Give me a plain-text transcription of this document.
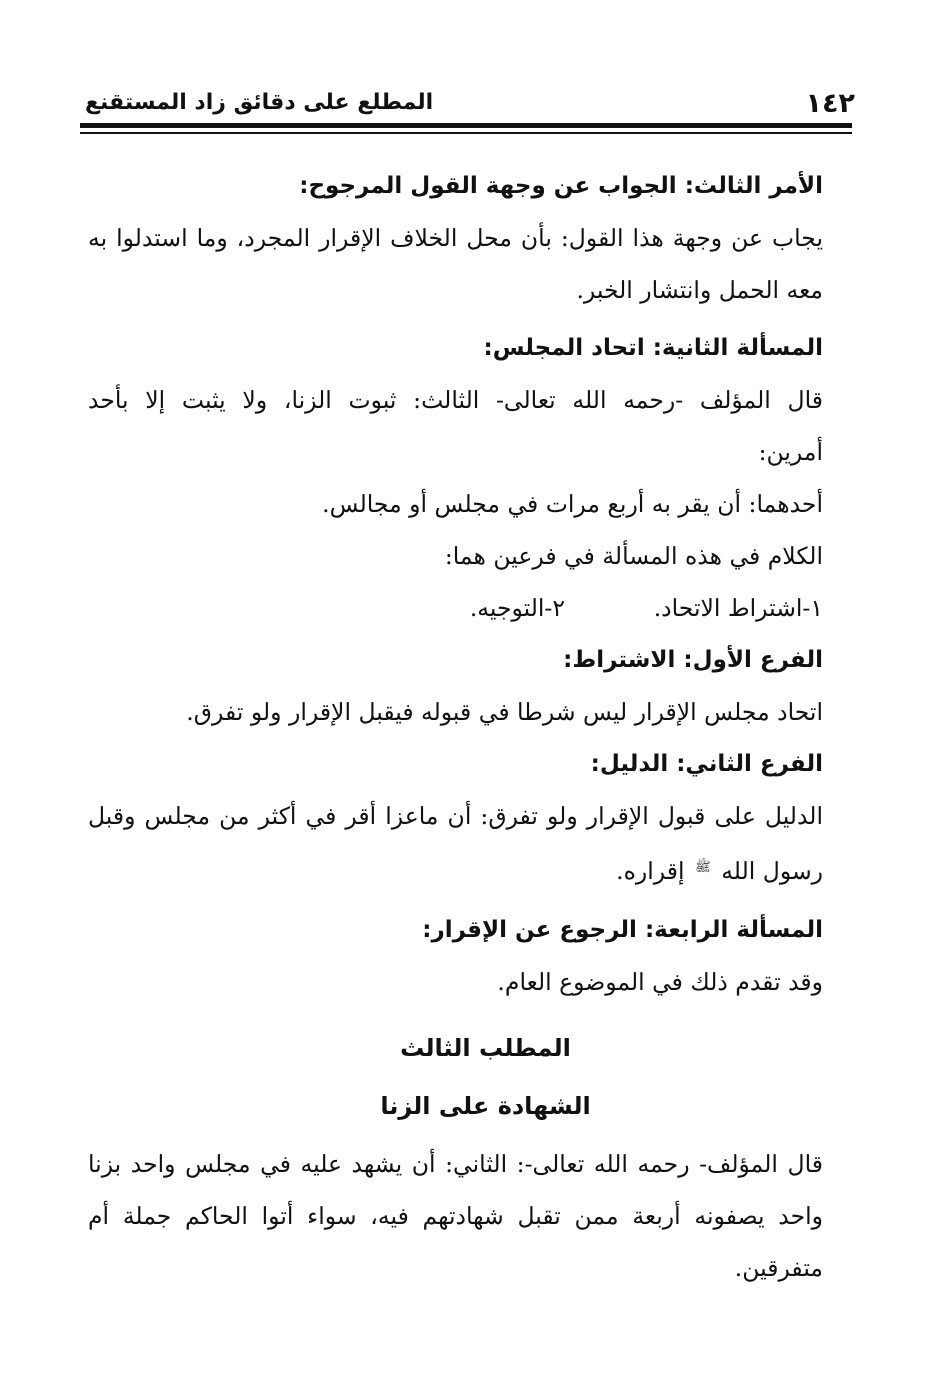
١٤٢
المطلع على دقائق زاد المستقنع
الأمر الثالث: الجواب عن وجهة القول المرجوح:
يجاب عن وجهة هذا القول: بأن محل الخلاف الإقرار المجرد، وما استدلوا به
معه الحمل وانتشار الخبر.
المسألة الثانية: اتحاد المجلس:
قال المؤلف -رحمه الله تعالى- الثالث: ثبوت الزنا، ولا يثبت إلا بأحد
أمرين:
أحدهما: أن يقر به أربع مرات في مجلس أو مجالس.
الكلام في هذه المسألة في فرعين هما:
١-اشتراط الاتحاد.
٢-التوجيه.
الفرع الأول: الاشتراط:
اتحاد مجلس الإقرار ليس شرطا في قبوله فيقبل الإقرار ولو تفرق.
الفرع الثاني: الدليل:
الدليل على قبول الإقرار ولو تفرق: أن ماعزا أقر في أكثر من مجلس وقبل
رسول الله ﷺ إقراره.
المسألة الرابعة: الرجوع عن الإقرار:
وقد تقدم ذلك في الموضوع العام.
المطلب الثالث
الشهادة على الزنا
قال المؤلف- رحمه الله تعالى-: الثاني: أن يشهد عليه في مجلس واحد بزنا
واحد يصفونه أربعة ممن تقبل شهادتهم فيه، سواء أتوا الحاكم جملة أم
متفرقين.
